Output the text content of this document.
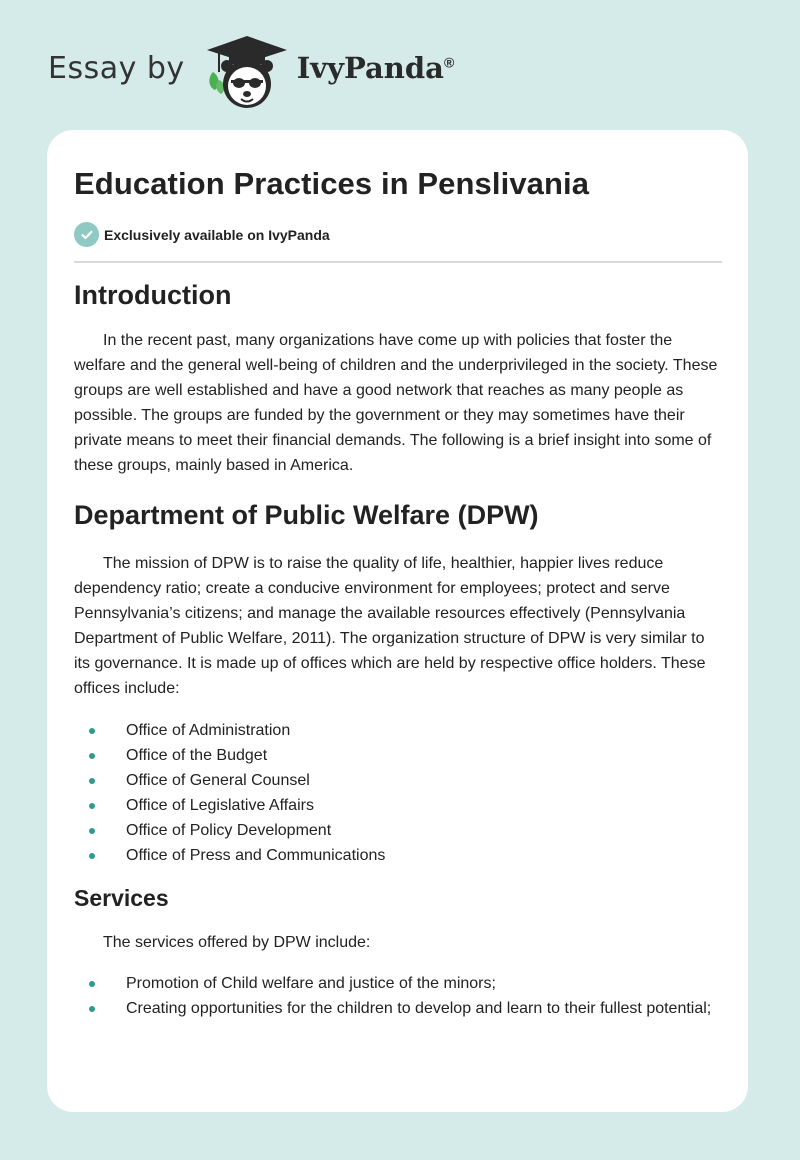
Essay by	IvyPanda®
Education Practices in Penslivania
Exclusively available on IvyPanda
Introduction

In the recent past, many organizations have come up with policies that foster the welfare and the general well-being of children and the underprivileged in the society. These groups are well established and have a good network that reaches as many people as possible. The groups are funded by the government or they may sometimes have their private means to meet their financial demands. The following is a brief insight into some of these groups, mainly based in America.

Department of Public Welfare (DPW)

The mission of DPW is to raise the quality of life, healthier, happier lives reduce dependency ratio; create a conducive environment for employees; protect and serve Pennsylvania’s citizens; and manage the available resources effectively (Pennsylvania Department of Public Welfare, 2011). The organization structure of DPW is very similar to its governance. It is made up of offices which are held by respective office holders. These offices include:

Office of Administration
Office of the Budget
Office of General Counsel
Office of Legislative Affairs
Office of Policy Development
Office of Press and Communications
Services

The services offered by DPW include:

Promotion of Child welfare and justice of the minors;
Creating opportunities for the children to develop and learn to their fullest potential;
